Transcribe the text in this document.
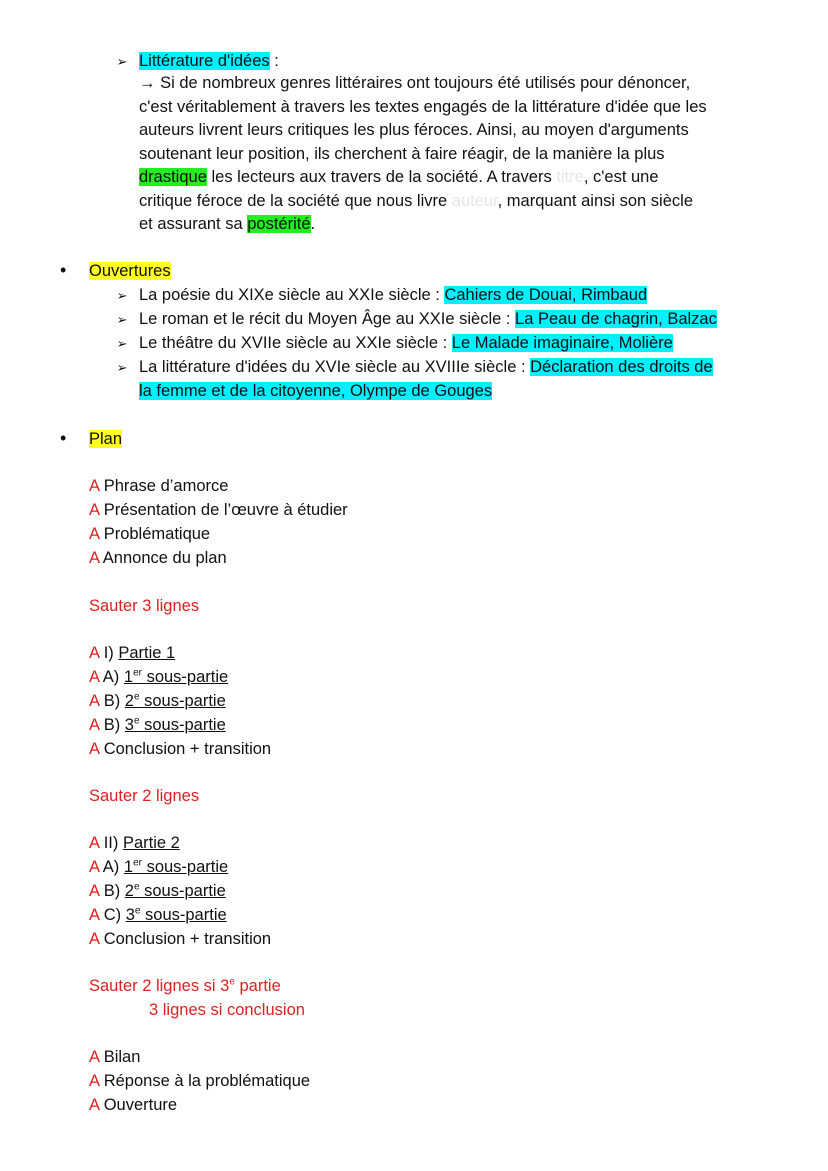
➢ Littérature d'idées :
→ Si de nombreux genres littéraires ont toujours été utilisés pour dénoncer,
c'est véritablement à travers les textes engagés de la littérature d'idée que les
auteurs livrent leurs critiques les plus féroces. Ainsi, au moyen d'arguments
soutenant leur position, ils cherchent à faire réagir, de la manière la plus
drastique les lecteurs aux travers de la société. A travers titre, c'est une
critique féroce de la société que nous livre auteur, marquant ainsi son siècle
et assurant sa postérité.
• Ouvertures
➢ La poésie du XIXe siècle au XXIe siècle : Cahiers de Douai, Rimbaud
➢ Le roman et le récit du Moyen Âge au XXIe siècle : La Peau de chagrin, Balzac
➢ Le théâtre du XVIIe siècle au XXIe siècle : Le Malade imaginaire, Molière
➢ La littérature d'idées du XVIe siècle au XVIIIe siècle : Déclaration des droits de
la femme et de la citoyenne, Olympe de Gouges
• Plan
A Phrase d’amorce
A Présentation de l’œuvre à étudier
A Problématique
A Annonce du plan
Sauter 3 lignes
A I) Partie 1
A A) 1er sous-partie
A B) 2e sous-partie
A B) 3e sous-partie
A Conclusion + transition
Sauter 2 lignes
A II) Partie 2
A A) 1er sous-partie
A B) 2e sous-partie
A C) 3e sous-partie
A Conclusion + transition
Sauter 2 lignes si 3e partie
3 lignes si conclusion
A Bilan
A Réponse à la problématique
A Ouverture
